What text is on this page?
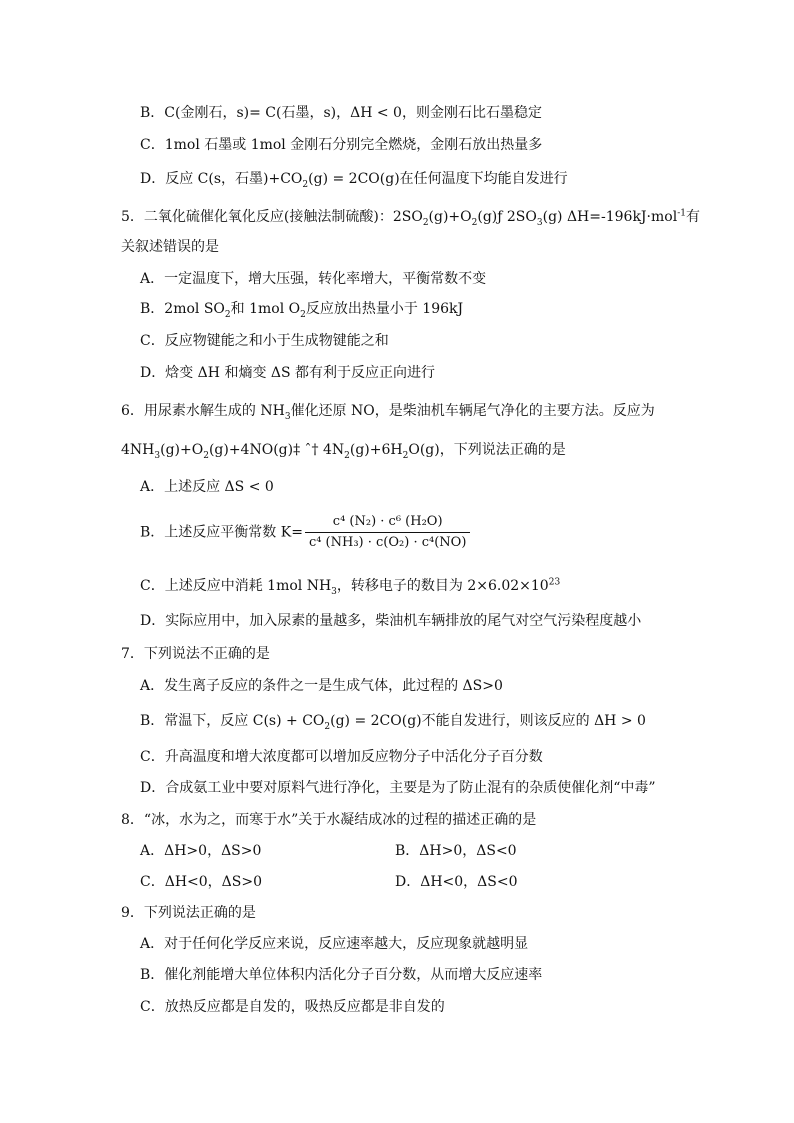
B．C(金刚石，s)= C(石墨，s)，ΔH < 0，则金刚石比石墨稳定
C．1mol 石墨或 1mol 金刚石分别完全燃烧，金刚石放出热量多
D．反应 C(s，石墨)$+CO_2(g) = 2CO(g)$在任何温度下均能自发进行
5．二氧化硫催化氧化反应(接触法制硫酸)：$2SO_2(g)+O_2(g)ƒ$ $2SO_3(g)$ ΔH=-196kJ·mol$^{-1}$有
关叙述错误的是
A．一定温度下，增大压强，转化率增大，平衡常数不变
B．2mol $SO_2$和 1mol $O_2$反应放出热量小于 196kJ
C．反应物键能之和小于生成物键能之和
D．焓变 ΔH 和熵变 ΔS 都有利于反应正向进行
6．用尿素水解生成的 $NH_3$催化还原 NO，是柴油机车辆尾气净化的主要方法。反应为
$4NH_3(g)+O_2(g)+4NO(g)\ddagger$ ˆ† $4N_2(g)+6H_2O(g)$，下列说法正确的是
A．上述反应 ΔS < 0
B．上述反应平衡常数 $K= \frac{\text{c⁴ (N₂) · c⁶ (H₂O)}}{\text{c⁴ (NH₃) · c(O₂) · c⁴(NO)}}$
C．上述反应中消耗 1mol $NH_3$，转移电子的数目为 $2\times 6.02\times 10^{23}$
D．实际应用中，加入尿素的量越多，柴油机车辆排放的尾气对空气污染程度越小
7．下列说法不正确的是
A．发生离子反应的条件之一是生成气体，此过程的 ΔS>0
B．常温下，反应 $C(s) + CO_2(g) = 2CO(g)$不能自发进行，则该反应的 ΔH > 0
C．升高温度和增大浓度都可以增加反应物分子中活化分子百分数
D．合成氨工业中要对原料气进行净化，主要是为了防止混有的杂质使催化剂“中毒”
8．“冰，水为之，而寒于水”关于水凝结成冰的过程的描述正确的是
A．ΔH>0，ΔS>0	B．ΔH>0，ΔS<0
C．ΔH<0，ΔS>0	D．ΔH<0，ΔS<0
9．下列说法正确的是
A．对于任何化学反应来说，反应速率越大，反应现象就越明显
B．催化剂能增大单位体积内活化分子百分数，从而增大反应速率
C．放热反应都是自发的，吸热反应都是非自发的
